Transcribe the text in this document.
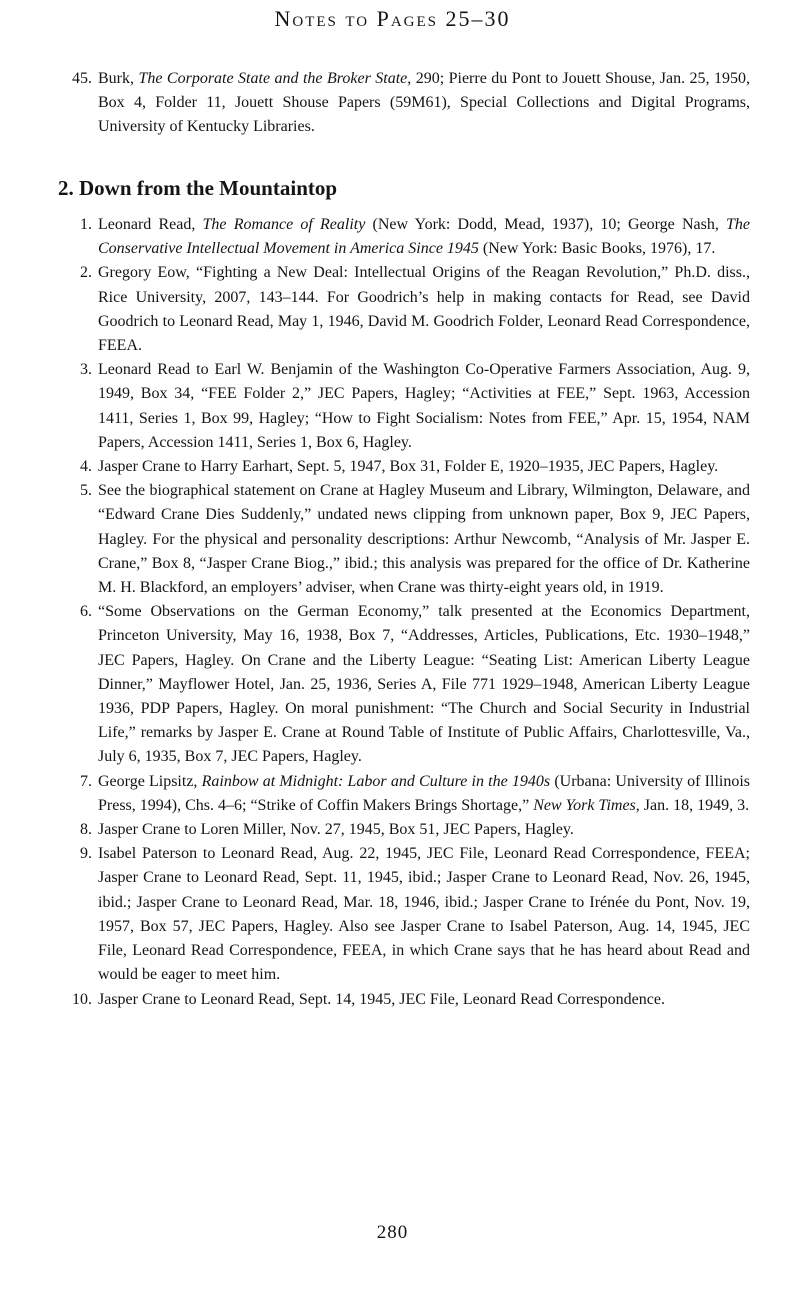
Notes to Pages 25–30
45. Burk, The Corporate State and the Broker State, 290; Pierre du Pont to Jouett Shouse, Jan. 25, 1950, Box 4, Folder 11, Jouett Shouse Papers (59M61), Special Collections and Digital Programs, University of Kentucky Libraries.
2. Down from the Mountaintop
1. Leonard Read, The Romance of Reality (New York: Dodd, Mead, 1937), 10; George Nash, The Conservative Intellectual Movement in America Since 1945 (New York: Basic Books, 1976), 17.
2. Gregory Eow, “Fighting a New Deal: Intellectual Origins of the Reagan Revolution,” Ph.D. diss., Rice University, 2007, 143–144. For Goodrich’s help in making contacts for Read, see David Goodrich to Leonard Read, May 1, 1946, David M. Goodrich Folder, Leonard Read Correspondence, FEEA.
3. Leonard Read to Earl W. Benjamin of the Washington Co-Operative Farmers Association, Aug. 9, 1949, Box 34, “FEE Folder 2,” JEC Papers, Hagley; “Activities at FEE,” Sept. 1963, Accession 1411, Series 1, Box 99, Hagley; “How to Fight Socialism: Notes from FEE,” Apr. 15, 1954, NAM Papers, Accession 1411, Series 1, Box 6, Hagley.
4. Jasper Crane to Harry Earhart, Sept. 5, 1947, Box 31, Folder E, 1920–1935, JEC Papers, Hagley.
5. See the biographical statement on Crane at Hagley Museum and Library, Wilmington, Delaware, and “Edward Crane Dies Suddenly,” undated news clipping from unknown paper, Box 9, JEC Papers, Hagley. For the physical and personality descriptions: Arthur Newcomb, “Analysis of Mr. Jasper E. Crane,” Box 8, “Jasper Crane Biog.,” ibid.; this analysis was prepared for the office of Dr. Katherine M. H. Blackford, an employers’ adviser, when Crane was thirty-eight years old, in 1919.
6. “Some Observations on the German Economy,” talk presented at the Economics Department, Princeton University, May 16, 1938, Box 7, “Addresses, Articles, Publications, Etc. 1930–1948,” JEC Papers, Hagley. On Crane and the Liberty League: “Seating List: American Liberty League Dinner,” Mayflower Hotel, Jan. 25, 1936, Series A, File 771 1929–1948, American Liberty League 1936, PDP Papers, Hagley. On moral punishment: “The Church and Social Security in Industrial Life,” remarks by Jasper E. Crane at Round Table of Institute of Public Affairs, Charlottesville, Va., July 6, 1935, Box 7, JEC Papers, Hagley.
7. George Lipsitz, Rainbow at Midnight: Labor and Culture in the 1940s (Urbana: University of Illinois Press, 1994), Chs. 4–6; “Strike of Coffin Makers Brings Shortage,” New York Times, Jan. 18, 1949, 3.
8. Jasper Crane to Loren Miller, Nov. 27, 1945, Box 51, JEC Papers, Hagley.
9. Isabel Paterson to Leonard Read, Aug. 22, 1945, JEC File, Leonard Read Correspondence, FEEA; Jasper Crane to Leonard Read, Sept. 11, 1945, ibid.; Jasper Crane to Leonard Read, Nov. 26, 1945, ibid.; Jasper Crane to Leonard Read, Mar. 18, 1946, ibid.; Jasper Crane to Irénée du Pont, Nov. 19, 1957, Box 57, JEC Papers, Hagley. Also see Jasper Crane to Isabel Paterson, Aug. 14, 1945, JEC File, Leonard Read Correspondence, FEEA, in which Crane says that he has heard about Read and would be eager to meet him.
10. Jasper Crane to Leonard Read, Sept. 14, 1945, JEC File, Leonard Read Correspondence.
280
